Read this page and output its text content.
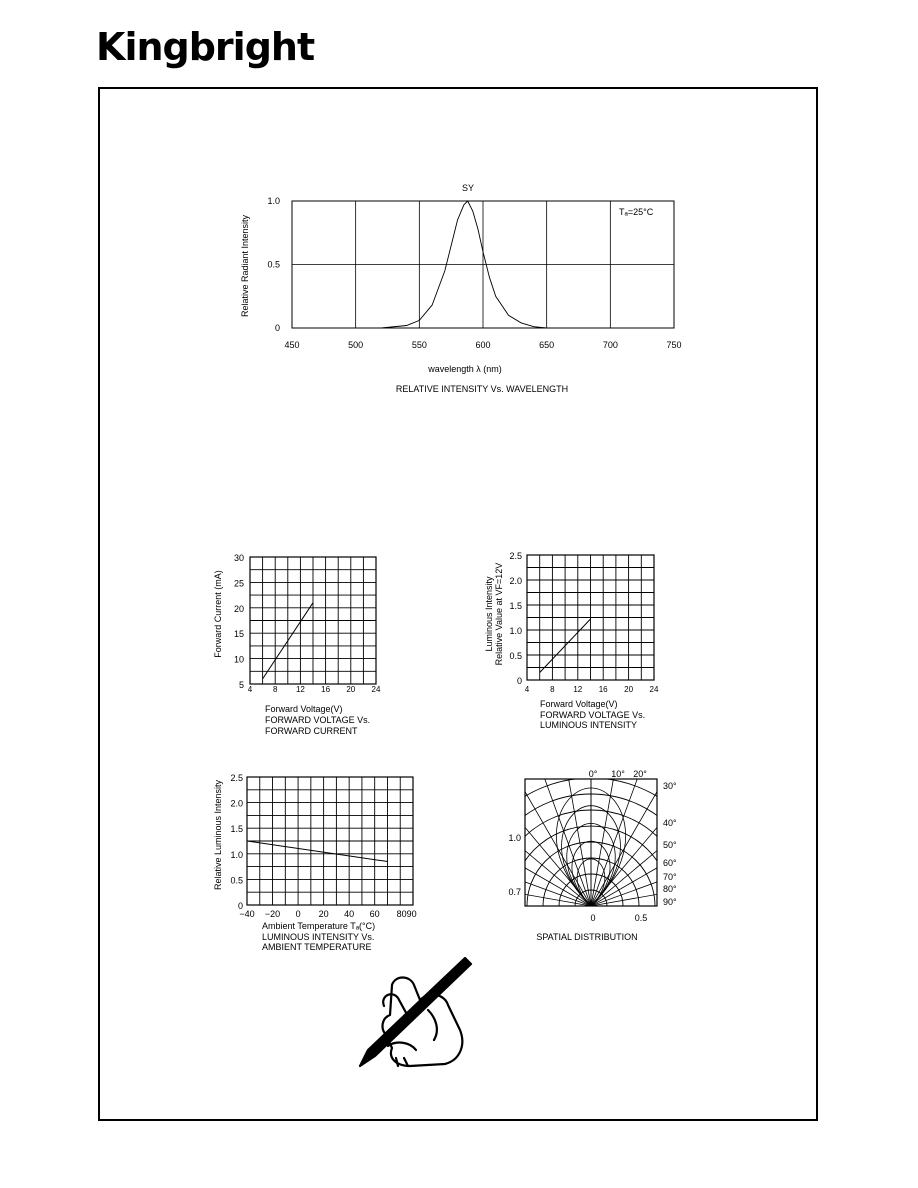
Kingbright
450	500	550	600	650	700	750
0
0.5
1.0
SY
Tₐ=25°C
Relative Radiant Intensity
wavelength λ (nm)
RELATIVE INTENSITY Vs. WAVELENGTH
4	8 12 16 20 24
5
10
15
20
25
30
Forward Current (mA)
Forward Voltage(V)
FORWARD VOLTAGE Vs. FORWARD CURRENT
4	8 12 16 20 24
0
0.5
1.0
1.5
2.0
2.5
Luminous Intensity Relative Value at VF=12V
Forward Voltage(V)
FORWARD VOLTAGE Vs. LUMINOUS INTENSITY
−40 −20 0 20 40 60 8090
0
0.5
1.0
1.5
2.0
2.5
Relative Luminous Intensity
Ambient Temperature Tₐ(°C)
LUMINOUS INTENSITY Vs. AMBIENT TEMPERATURE
0° 10° 20°
30°
40°
50°
60°
70°
80°
90°
1.0
0.7
0	0.5
SPATIAL DISTRIBUTION
